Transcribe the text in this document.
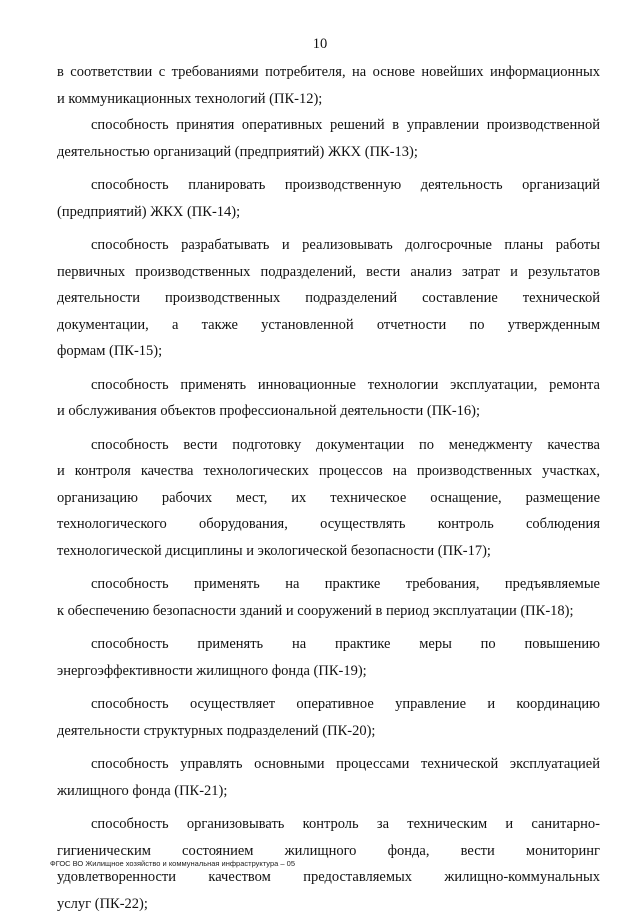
10
в соответствии с требованиями потребителя, на основе новейших информационных
и коммуникационных технологий (ПК-12);
способность принятия оперативных решений в управлении производственной
деятельностью организаций (предприятий) ЖКХ (ПК-13);
способность планировать производственную деятельность организаций
(предприятий) ЖКХ (ПК-14);
способность разрабатывать и реализовывать долгосрочные планы работы
первичных производственных подразделений, вести анализ затрат и результатов
деятельности производственных подразделений составление технической
документации, а также установленной отчетности по утвержденным
формам (ПК-15);
способность применять инновационные технологии эксплуатации, ремонта
и обслуживания объектов профессиональной деятельности (ПК-16);
способность вести подготовку документации по менеджменту качества
и контроля качества технологических процессов на производственных участках,
организацию рабочих мест, их техническое оснащение, размещение
технологического оборудования, осуществлять контроль соблюдения
технологической дисциплины и экологической безопасности (ПК-17);
способность применять на практике требования, предъявляемые
к обеспечению безопасности зданий и сооружений в период эксплуатации (ПК-18);
способность применять на практике меры по повышению
энергоэффективности жилищного фонда (ПК-19);
способность осуществляет оперативное управление и координацию
деятельности структурных подразделений (ПК-20);
способность управлять основными процессами технической эксплуатацией
жилищного фонда (ПК-21);
способность организовывать контроль за техническим и санитарно-
гигиеническим состоянием жилищного фонда, вести мониторинг
удовлетворенности качеством предоставляемых жилищно-коммунальных
услуг (ПК-22);
ФГОС ВО Жилищное хозяйство и коммунальная инфраструктура – 05
